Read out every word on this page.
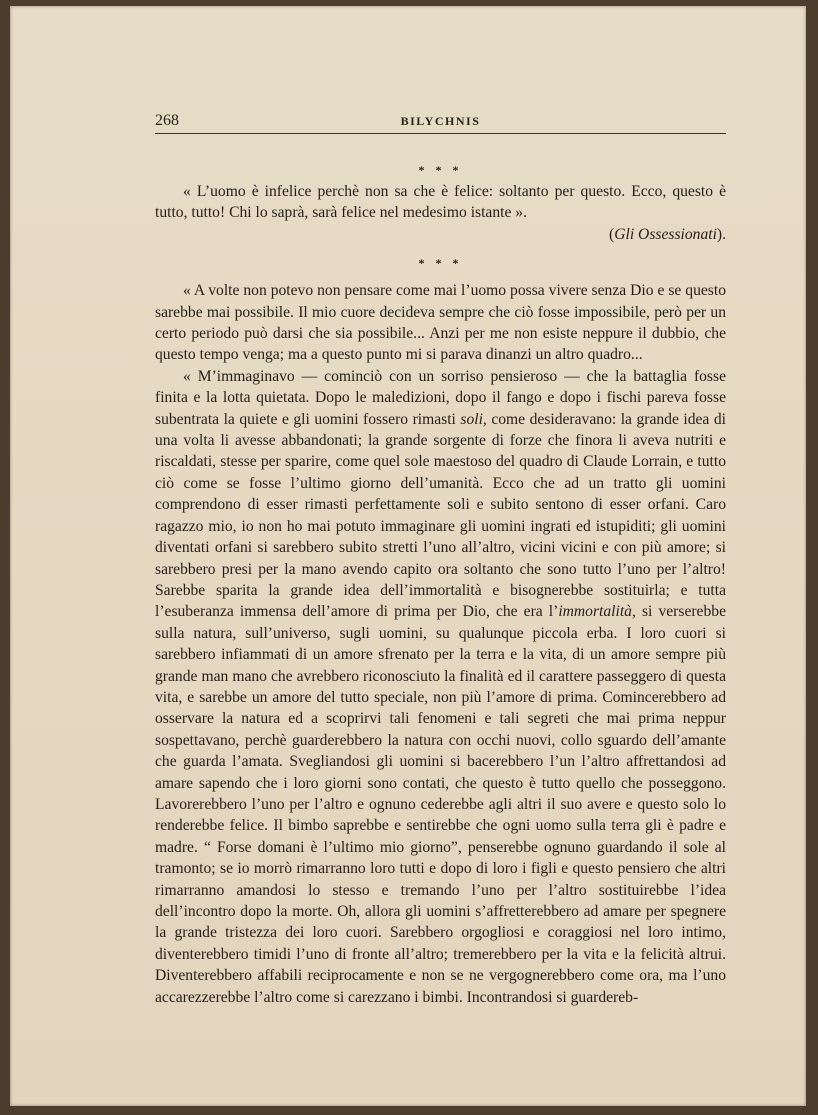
268	BILYCHNIS
* * *

« L’uomo è infelice perchè non sa che è felice: soltanto per questo. Ecco, questo è tutto, tutto! Chi lo saprà, sarà felice nel medesimo istante ».

(Gli Ossessionati).

* * *

« A volte non potevo non pensare come mai l’uomo possa vivere senza Dio e se questo sarebbe mai possibile. Il mio cuore decideva sempre che ciò fosse impossibile, però per un certo periodo può darsi che sia possibile... Anzi per me non esiste neppure il dubbio, che questo tempo venga; ma a questo punto mi si parava dinanzi un altro quadro...

« M’immaginavo — cominciò con un sorriso pensieroso — che la battaglia fosse finita e la lotta quietata. Dopo le maledizioni, dopo il fango e dopo i fischi pareva fosse subentrata la quiete e gli uomini fossero rimasti soli, come desideravano: la grande idea di una volta li avesse abbandonati; la grande sorgente di forze che finora li aveva nutriti e riscaldati, stesse per sparire, come quel sole maestoso del quadro di Claude Lorrain, e tutto ciò come se fosse l’ultimo giorno dell’umanità. Ecco che ad un tratto gli uomini comprendono di esser rimasti perfettamente soli e subito sentono di esser orfani. Caro ragazzo mio, io non ho mai potuto immaginare gli uomini ingrati ed istupiditi; gli uomini diventati orfani si sarebbero subito stretti l’uno all’altro, vicini vicini e con più amore; si sarebbero presi per la mano avendo capito ora soltanto che sono tutto l’uno per l’altro! Sarebbe sparita la grande idea dell’immortalità e bisognerebbe sostituirla; e tutta l’esuberanza immensa dell’amore di prima per Dio, che era l’immortalità, si verserebbe sulla natura, sull’universo, sugli uomini, su qualunque piccola erba. I loro cuori si sarebbero infiammati di un amore sfrenato per la terra e la vita, di un amore sempre più grande man mano che avrebbero riconosciuto la finalità ed il carattere passeggero di questa vita, e sarebbe un amore del tutto speciale, non più l’amore di prima. Comincerebbero ad osservare la natura ed a scoprirvi tali fenomeni e tali segreti che mai prima neppur sospettavano, perchè guarderebbero la natura con occhi nuovi, collo sguardo dell’amante che guarda l’amata. Svegliandosi gli uomini si bacerebbero l’un l’altro affrettandosi ad amare sapendo che i loro giorni sono contati, che questo è tutto quello che posseggono. Lavorerebbero l’uno per l’altro e ognuno cederebbe agli altri il suo avere e questo solo lo renderebbe felice. Il bimbo saprebbe e sentirebbe che ogni uomo sulla terra gli è padre e madre. “ Forse domani è l’ultimo mio giorno”, penserebbe ognuno guardando il sole al tramonto; se io morrò rimarranno loro tutti e dopo di loro i figli e questo pensiero che altri rimarranno amandosi lo stesso e tremando l’uno per l’altro sostituirebbe l’idea dell’incontro dopo la morte. Oh, allora gli uomini s’affretterebbero ad amare per spegnere la grande tristezza dei loro cuori. Sarebbero orgogliosi e coraggiosi nel loro intimo, diventerebbero timidi l’uno di fronte all’altro; tremerebbero per la vita e la felicità altrui. Diventerebbero affabili reciprocamente e non se ne vergognerebbero come ora, ma l’uno accarezzerebbe l’altro come si carezzano i bimbi. Incontrandosi si guardereb-
